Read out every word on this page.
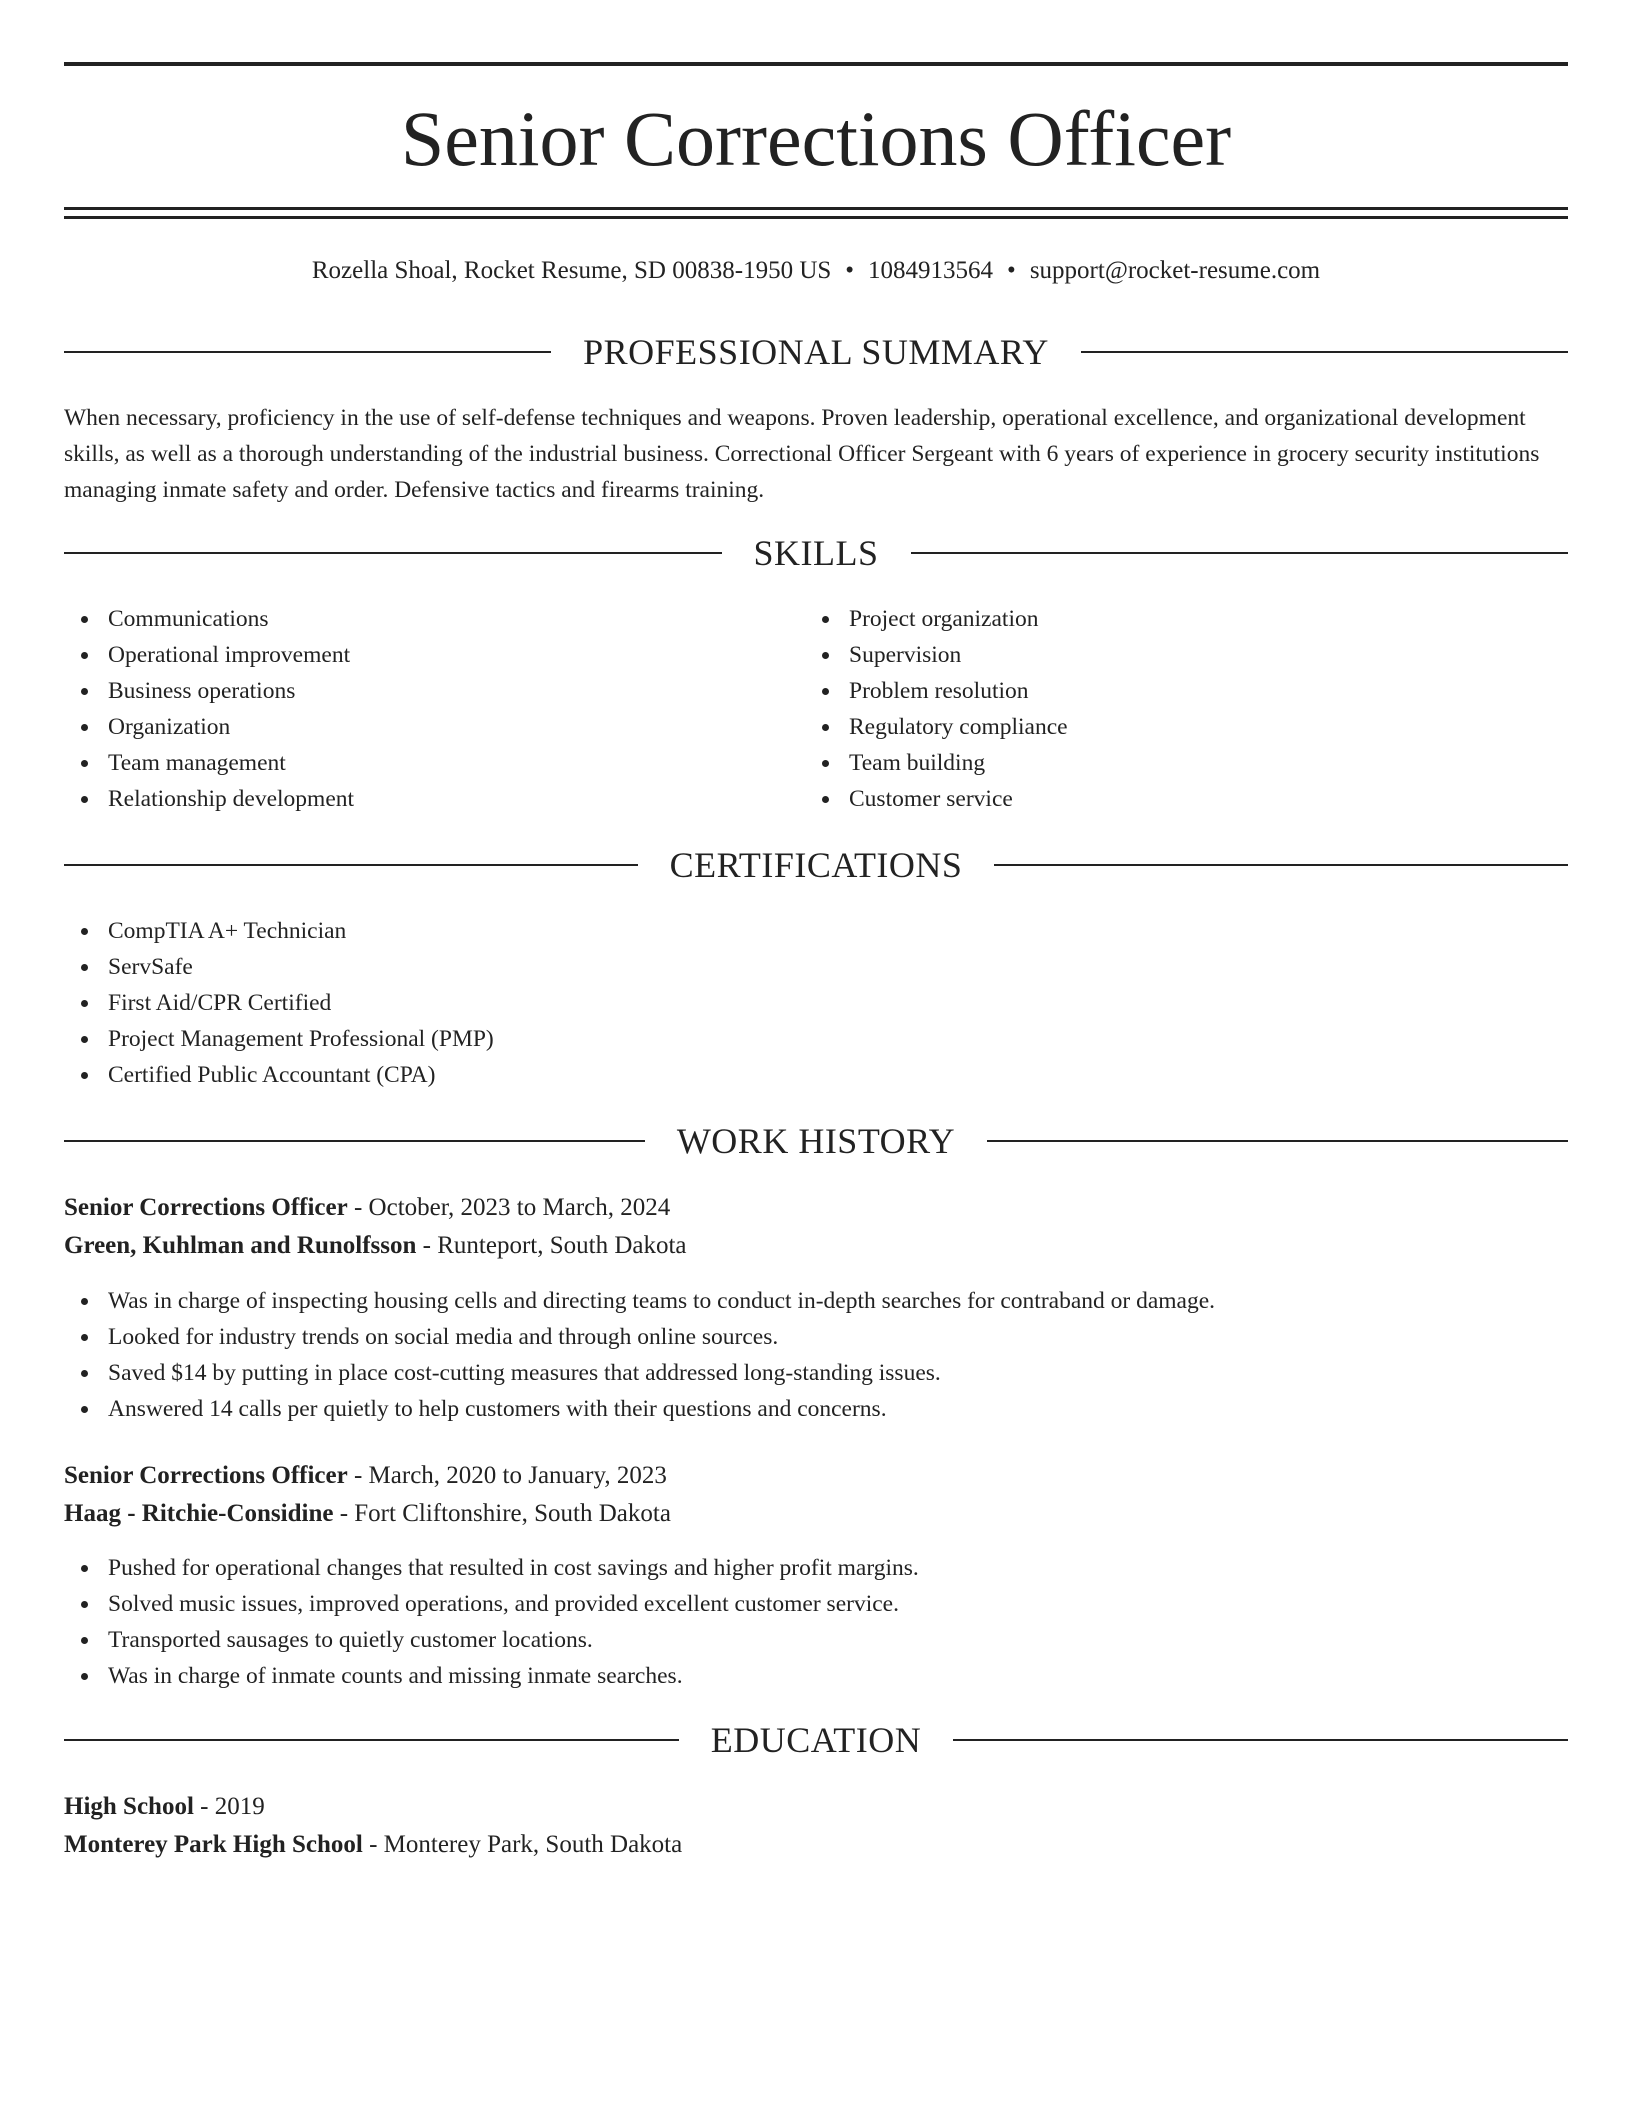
Senior Corrections Officer
Rozella Shoal, Rocket Resume, SD 00838-1950 US • 1084913564 • support@rocket-resume.com
PROFESSIONAL SUMMARY

When necessary, proficiency in the use of self-defense techniques and weapons. Proven leadership, operational excellence, and organizational development skills, as well as a thorough understanding of the industrial business. Correctional Officer Sergeant with 6 years of experience in grocery security institutions managing inmate safety and order. Defensive tactics and firearms training.

SKILLS
Communications
Operational improvement
Business operations
Organization
Team management
Relationship development
Project organization
Supervision
Problem resolution
Regulatory compliance
Team building
Customer service
CERTIFICATIONS
CompTIA A+ Technician
ServSafe
First Aid/CPR Certified
Project Management Professional (PMP)
Certified Public Accountant (CPA)
WORK HISTORY
Senior Corrections Officer - October, 2023 to March, 2024
Green, Kuhlman and Runolfsson - Runteport, South Dakota
Was in charge of inspecting housing cells and directing teams to conduct in-depth searches for contraband or damage.
Looked for industry trends on social media and through online sources.
Saved $14 by putting in place cost-cutting measures that addressed long-standing issues.
Answered 14 calls per quietly to help customers with their questions and concerns.
Senior Corrections Officer - March, 2020 to January, 2023
Haag - Ritchie-Considine - Fort Cliftonshire, South Dakota
Pushed for operational changes that resulted in cost savings and higher profit margins.
Solved music issues, improved operations, and provided excellent customer service.
Transported sausages to quietly customer locations.
Was in charge of inmate counts and missing inmate searches.
EDUCATION
High School - 2019
Monterey Park High School - Monterey Park, South Dakota
